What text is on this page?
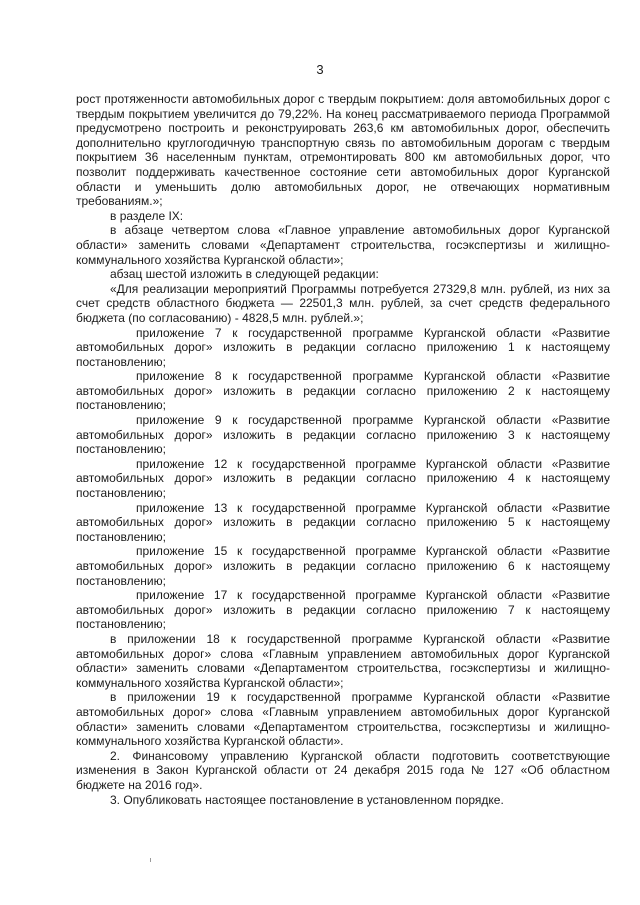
3

рост протяженности автомобильных дорог с твердым покрытием: доля автомобильных дорог с твердым покрытием увеличится до 79,22%. На конец рассматриваемого периода Программой предусмотрено построить и реконструировать 263,6 км автомобильных дорог, обеспечить дополнительно круглогодичную транспортную связь по автомобильным дорогам с твердым покрытием 36 населенным пунктам, отремонтировать 800 км автомобильных дорог, что позволит поддерживать качественное состояние сети автомобильных дорог Курганской области и уменьшить долю автомобильных дорог, не отвечающих нормативным требованиям.»;

в разделе IX:

в абзаце четвертом слова «Главное управление автомобильных дорог Курганской области» заменить словами «Департамент строительства, госэкспертизы и жилищно-коммунального хозяйства Курганской области»;

абзац шестой изложить в следующей редакции:

«Для реализации мероприятий Программы потребуется 27329,8 млн. рублей, из них за счет средств областного бюджета — 22501,3 млн. рублей, за счет средств федерального бюджета (по согласованию) - 4828,5 млн. рублей.»;

приложение 7 к государственной программе Курганской области «Развитие автомобильных дорог» изложить в редакции согласно приложению 1 к настоящему постановлению;

приложение 8 к государственной программе Курганской области «Развитие автомобильных дорог» изложить в редакции согласно приложению 2 к настоящему постановлению;

приложение 9 к государственной программе Курганской области «Развитие автомобильных дорог» изложить в редакции согласно приложению 3 к настоящему постановлению;

приложение 12 к государственной программе Курганской области «Развитие автомобильных дорог» изложить в редакции согласно приложению 4 к настоящему постановлению;

приложение 13 к государственной программе Курганской области «Развитие автомобильных дорог» изложить в редакции согласно приложению 5 к настоящему постановлению;

приложение 15 к государственной программе Курганской области «Развитие автомобильных дорог» изложить в редакции согласно приложению 6 к настоящему постановлению;

приложение 17 к государственной программе Курганской области «Развитие автомобильных дорог» изложить в редакции согласно приложению 7 к настоящему постановлению;

в приложении 18 к государственной программе Курганской области «Развитие автомобильных дорог» слова «Главным управлением автомобильных дорог Курганской области» заменить словами «Департаментом строительства, госэкспертизы и жилищно-коммунального хозяйства Курганской области»;

в приложении 19 к государственной программе Курганской области «Развитие автомобильных дорог» слова «Главным управлением автомобильных дорог Курганской области» заменить словами «Департаментом строительства, госэкспертизы и жилищно-коммунального хозяйства Курганской области».

2. Финансовому управлению Курганской области подготовить соответствующие изменения в Закон Курганской области от 24 декабря 2015 года № 127 «Об областном бюджете на 2016 год».

3. Опубликовать настоящее постановление в установленном порядке.
